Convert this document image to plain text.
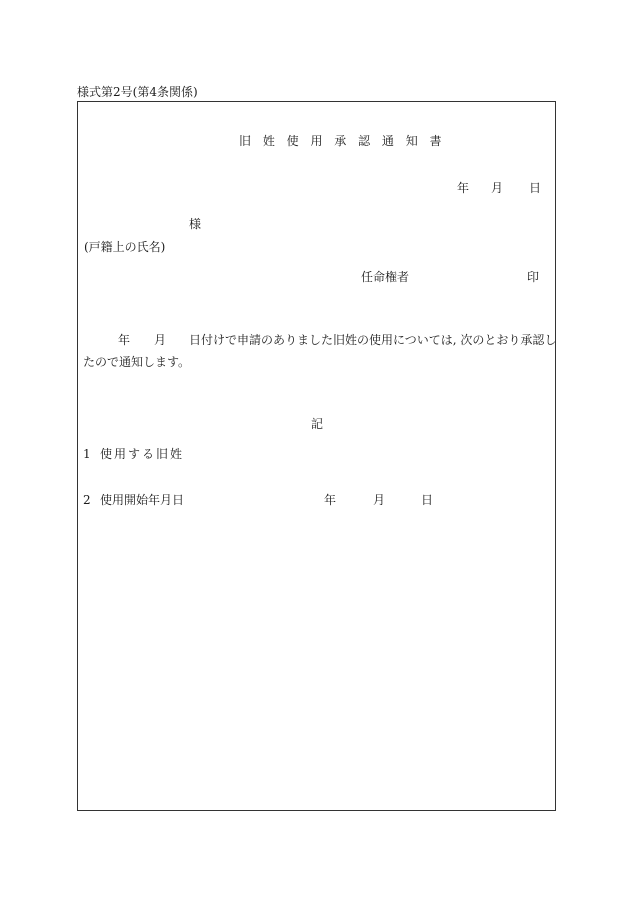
様式第2号(第4条関係)
旧 姓 使 用 承 認 通 知 書
年 月 日
様
(戸籍上の氏名)
任命権者	印
年 月 日付けで申請のありました旧姓の使用については, 次のとおり承認し
たので通知します。
記
1 使用する旧姓
2 使用開始年月日	年	月	日
